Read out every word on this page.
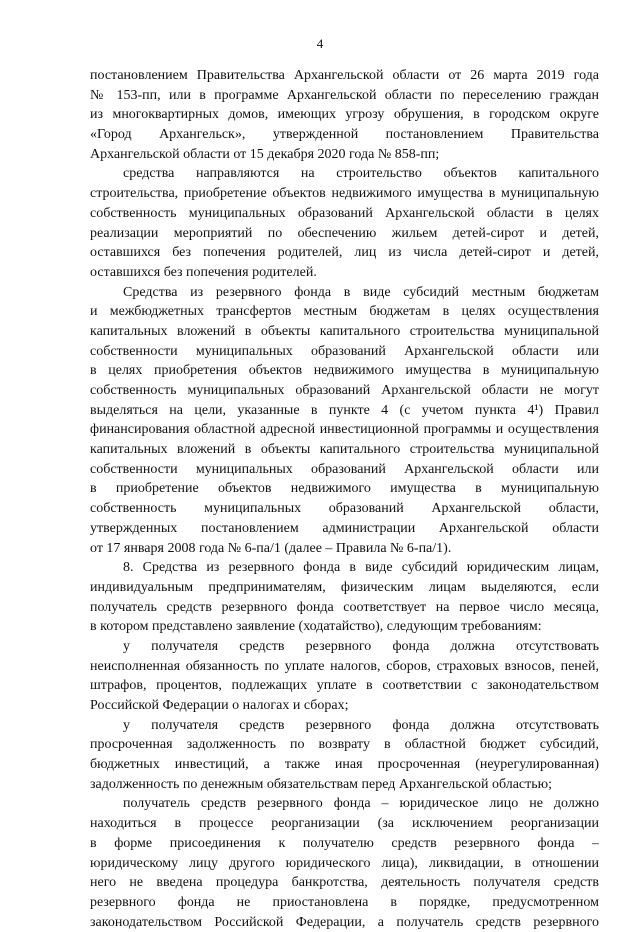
4
постановлением Правительства Архангельской области от 26 марта 2019 года
№ 153-пп, или в программе Архангельской области по переселению граждан
из многоквартирных домов, имеющих угрозу обрушения, в городском округе
«Город Архангельск», утвержденной постановлением Правительства
Архангельской области от 15 декабря 2020 года № 858-пп;
средства направляются на строительство объектов капитального
строительства, приобретение объектов недвижимого имущества в муниципальную
собственность муниципальных образований Архангельской области в целях
реализации мероприятий по обеспечению жильем детей-сирот и детей,
оставшихся без попечения родителей, лиц из числа детей-сирот и детей,
оставшихся без попечения родителей.
Средства из резервного фонда в виде субсидий местным бюджетам
и межбюджетных трансфертов местным бюджетам в целях осуществления
капитальных вложений в объекты капитального строительства муниципальной
собственности муниципальных образований Архангельской области или
в целях приобретения объектов недвижимого имущества в муниципальную
собственность муниципальных образований Архангельской области не могут
выделяться на цели, указанные в пункте 4 (с учетом пункта 4¹) Правил
финансирования областной адресной инвестиционной программы и осуществления
капитальных вложений в объекты капитального строительства муниципальной
собственности муниципальных образований Архангельской области или
в приобретение объектов недвижимого имущества в муниципальную
собственность муниципальных образований Архангельской области,
утвержденных постановлением администрации Архангельской области
от 17 января 2008 года № 6-па/1 (далее – Правила № 6-па/1).
8. Средства из резервного фонда в виде субсидий юридическим лицам,
индивидуальным предпринимателям, физическим лицам выделяются, если
получатель средств резервного фонда соответствует на первое число месяца,
в котором представлено заявление (ходатайство), следующим требованиям:
у получателя средств резервного фонда должна отсутствовать
неисполненная обязанность по уплате налогов, сборов, страховых взносов, пеней,
штрафов, процентов, подлежащих уплате в соответствии с законодательством
Российской Федерации о налогах и сборах;
у получателя средств резервного фонда должна отсутствовать
просроченная задолженность по возврату в областной бюджет субсидий,
бюджетных инвестиций, а также иная просроченная (неурегулированная)
задолженность по денежным обязательствам перед Архангельской областью;
получатель средств резервного фонда – юридическое лицо не должно
находиться в процессе реорганизации (за исключением реорганизации
в форме присоединения к получателю средств резервного фонда –
юридическому лицу другого юридического лица), ликвидации, в отношении
него не введена процедура банкротства, деятельность получателя средств
резервного фонда не приостановлена в порядке, предусмотренном
законодательством Российской Федерации, а получатель средств резервного
